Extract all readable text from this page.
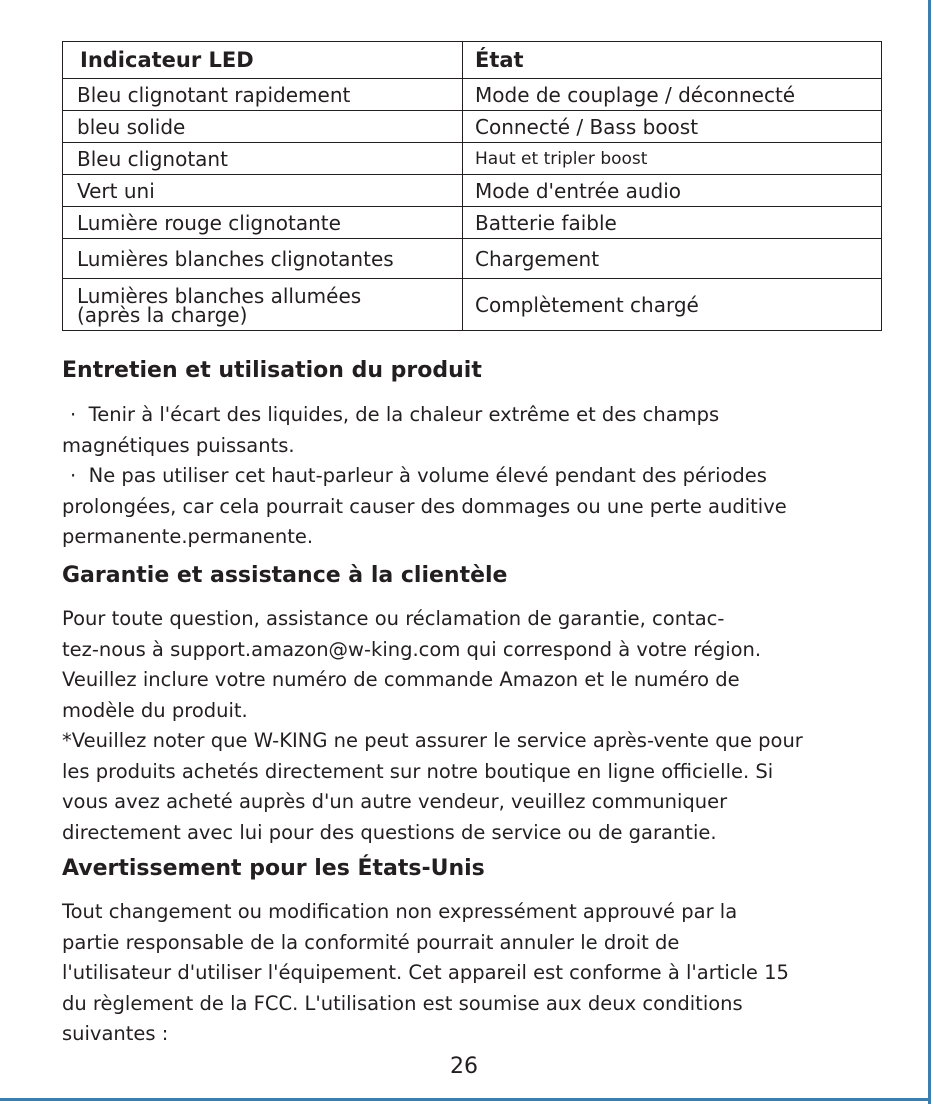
Indicateur LED	État
Bleu clignotant rapidement	Mode de couplage / déconnecté
bleu solide	Connecté / Bass boost
Bleu clignotant	Haut et tripler boost
Vert uni	Mode d'entrée audio
Lumière rouge clignotante	Batterie faible
Lumières blanches clignotantes	Chargement

Lumières blanches allumées
(après la charge)	Complètement chargé
Entretien et utilisation du produit
· Tenir à l'écart des liquides, de la chaleur extrême et des champs
magnétiques puissants.
· Ne pas utiliser cet haut-parleur à volume élevé pendant des périodes
prolongées, car cela pourrait causer des dommages ou une perte auditive
permanente.permanente.
Garantie et assistance à la clientèle
Pour toute question, assistance ou réclamation de garantie, contac-
tez-nous à support.amazon@w-king.com qui correspond à votre région.
Veuillez inclure votre numéro de commande Amazon et le numéro de
modèle du produit.
*Veuillez noter que W-KING ne peut assurer le service après-vente que pour
les produits achetés directement sur notre boutique en ligne officielle. Si
vous avez acheté auprès d'un autre vendeur, veuillez communiquer
directement avec lui pour des questions de service ou de garantie.
Avertissement pour les États-Unis
Tout changement ou modification non expressément approuvé par la
partie responsable de la conformité pourrait annuler le droit de
l'utilisateur d'utiliser l'équipement. Cet appareil est conforme à l'article 15
du règlement de la FCC. L'utilisation est soumise aux deux conditions
suivantes :
26
